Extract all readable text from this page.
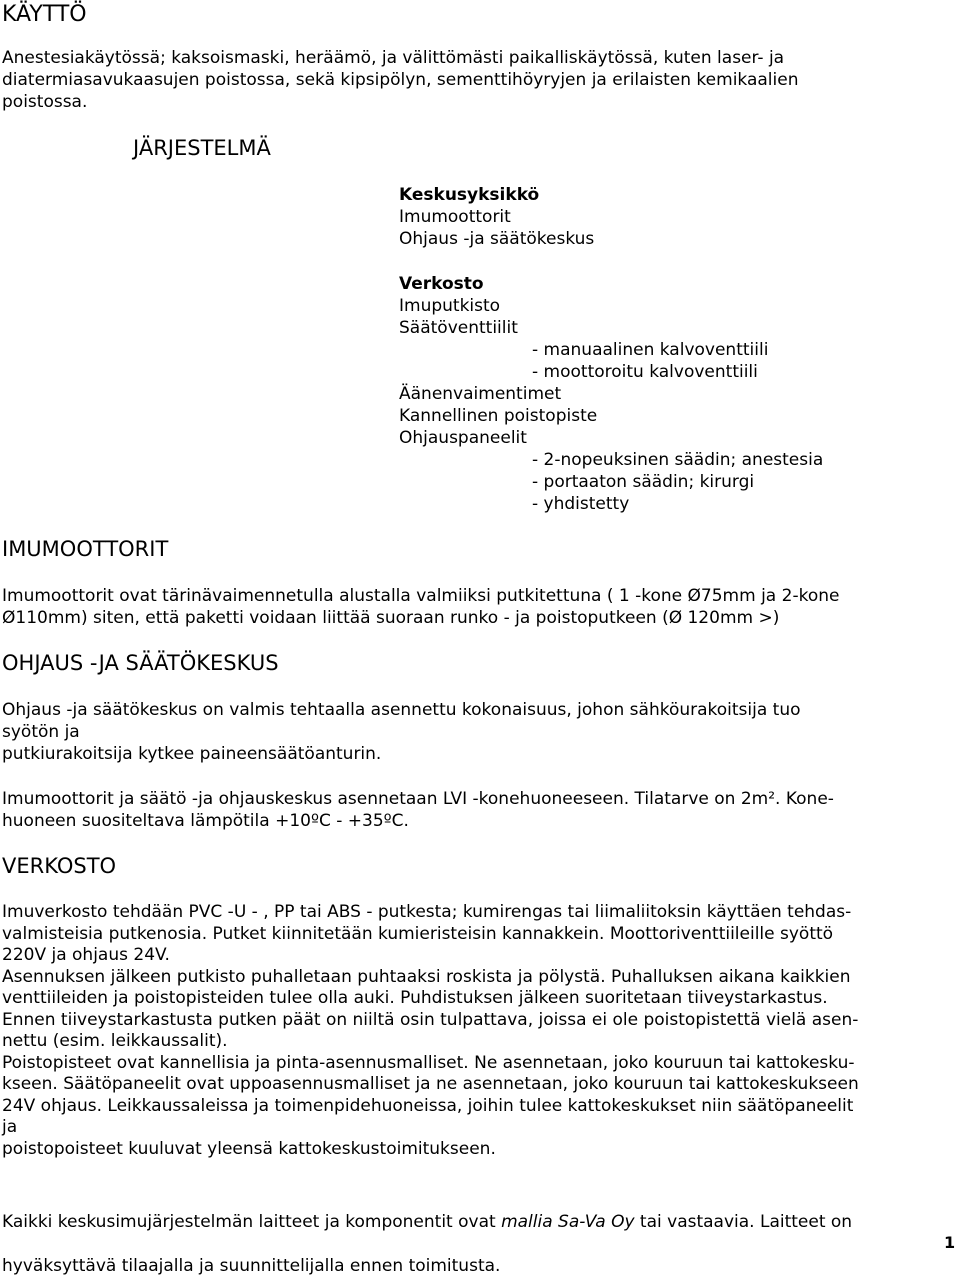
KÄYTTÖ

Anestesiakäytössä; kaksoismaski, heräämö, ja välittömästi paikalliskäytössä, kuten laser- ja
diatermiasavukaasujen poistossa, sekä kipsipölyn, sementtihöyryjen ja erilaisten kemikaalien
poistossa.

JÄRJESTELMÄ
Keskusyksikkö
Imumoottorit
Ohjaus -ja säätökeskus
Verkosto
Imuputkisto
Säätöventtiilit
- manuaalinen kalvoventtiili
- moottoroitu kalvoventtiili
Äänenvaimentimet
Kannellinen poistopiste
Ohjauspaneelit
- 2-nopeuksinen säädin; anestesia
- portaaton säädin; kirurgi
- yhdistetty
IMUMOOTTORIT

Imumoottorit ovat tärinävaimennetulla alustalla valmiiksi putkitettuna ( 1 -kone Ø75mm ja 2-kone
Ø110mm) siten, että paketti voidaan liittää suoraan runko - ja poistoputkeen (Ø 120mm >)

OHJAUS -JA SÄÄTÖKESKUS

Ohjaus -ja säätökeskus on valmis tehtaalla asennettu kokonaisuus, johon sähköurakoitsija tuo
syötön ja
putkiurakoitsija kytkee paineensäätöanturin.

Imumoottorit ja säätö -ja ohjauskeskus asennetaan LVI -konehuoneeseen. Tilatarve on 2m². Kone-
huoneen suositeltava lämpötila +10ºC - +35ºC.

VERKOSTO

Imuverkosto tehdään PVC -U - , PP tai ABS - putkesta; kumirengas tai liimaliitoksin käyttäen tehdas-
valmisteisia putkenosia. Putket kiinnitetään kumieristeisin kannakkein. Moottoriventtiileille syöttö
220V ja ohjaus 24V.
Asennuksen jälkeen putkisto puhalletaan puhtaaksi roskista ja pölystä. Puhalluksen aikana kaikkien
venttiileiden ja poistopisteiden tulee olla auki. Puhdistuksen jälkeen suoritetaan tiiveystarkastus.
Ennen tiiveystarkastusta putken päät on niiltä osin tulpattava, joissa ei ole poistopistettä vielä asen-
nettu (esim. leikkaussalit).
Poistopisteet ovat kannellisia ja pinta-asennusmalliset. Ne asennetaan, joko kouruun tai kattokesku-
kseen. Säätöpaneelit ovat uppoasennusmalliset ja ne asennetaan, joko kouruun tai kattokeskukseen
24V ohjaus. Leikkaussaleissa ja toimenpidehuoneissa, joihin tulee kattokeskukset niin säätöpaneelit
ja
poistopoisteet kuuluvat yleensä kattokeskustoimitukseen.

Kaikki keskusimujärjestelmän laitteet ja komponentit ovat mallia Sa-Va Oy tai vastaavia. Laitteet on

hyväksyttävä tilaajalla ja suunnittelijalla ennen toimitusta.

1
